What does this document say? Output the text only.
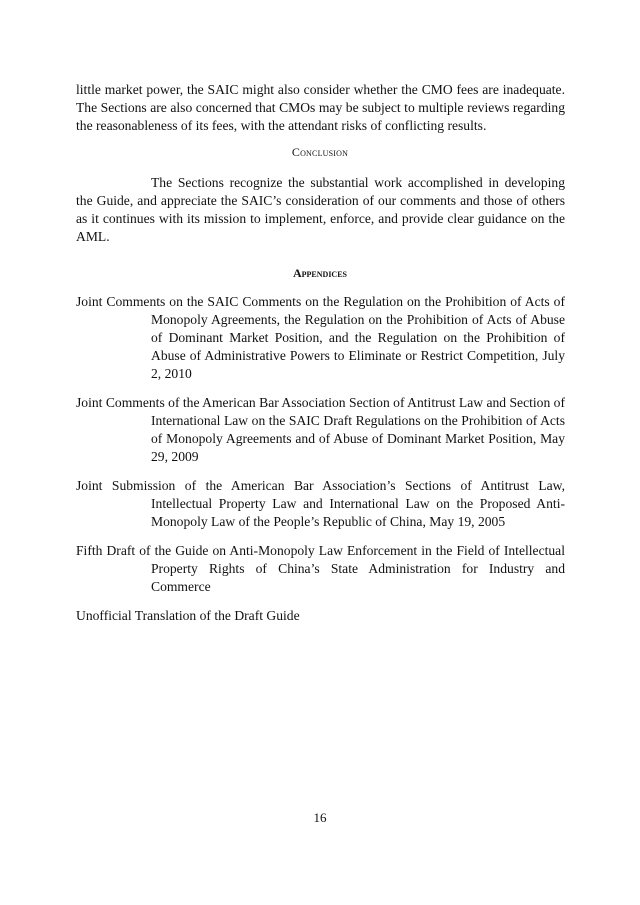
little market power, the SAIC might also consider whether the CMO fees are inadequate. The Sections are also concerned that CMOs may be subject to multiple reviews regarding the reasonableness of its fees, with the attendant risks of conflicting results.

Conclusion

The Sections recognize the substantial work accomplished in developing the Guide, and appreciate the SAIC’s consideration of our comments and those of others as it continues with its mission to implement, enforce, and provide clear guidance on the AML.

Appendices

Joint Comments on the SAIC Comments on the Regulation on the Prohibition of Acts of Monopoly Agreements, the Regulation on the Prohibition of Acts of Abuse of Dominant Market Position, and the Regulation on the Prohibition of Abuse of Administrative Powers to Eliminate or Restrict Competition, July 2, 2010
Joint Comments of the American Bar Association Section of Antitrust Law and Section of International Law on the SAIC Draft Regulations on the Prohibition of Acts of Monopoly Agreements and of Abuse of Dominant Market Position, May 29, 2009
Joint Submission of the American Bar Association’s Sections of Antitrust Law, Intellectual Property Law and International Law on the Proposed Anti-Monopoly Law of the People’s Republic of China, May 19, 2005
Fifth Draft of the Guide on Anti-Monopoly Law Enforcement in the Field of Intellectual Property Rights of China’s State Administration for Industry and Commerce
Unofficial Translation of the Draft Guide

16
